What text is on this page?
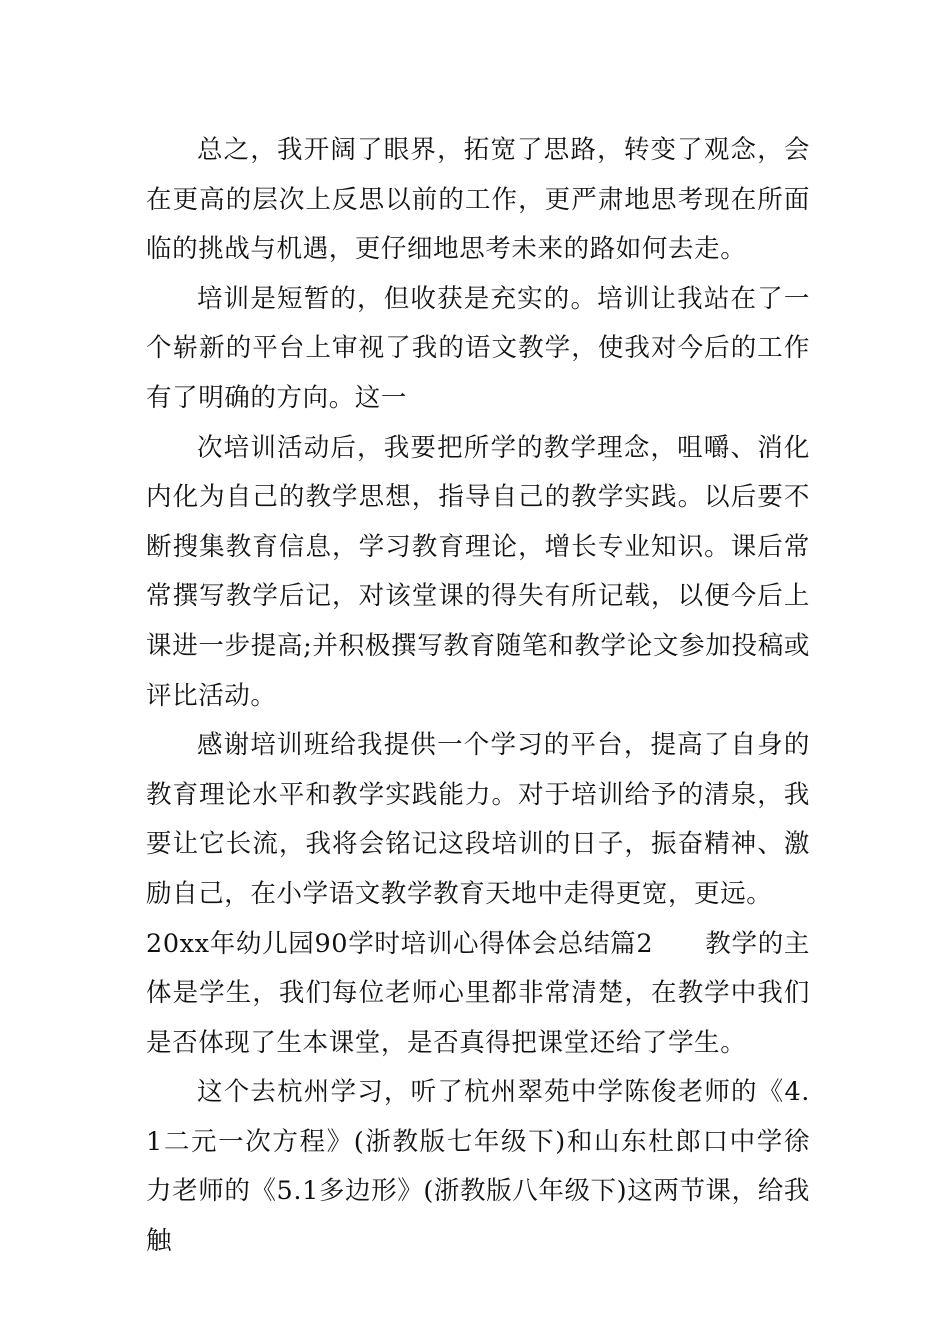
总之，我开阔了眼界，拓宽了思路，转变了观念，会在更高的层次上反思以前的工作，更严肃地思考现在所面临的挑战与机遇，更仔细地思考未来的路如何去走。

培训是短暂的，但收获是充实的。培训让我站在了一个崭新的平台上审视了我的语文教学，使我对今后的工作有了明确的方向。这一

次培训活动后，我要把所学的教学理念，咀嚼、消化内化为自己的教学思想，指导自己的教学实践。以后要不断搜集教育信息，学习教育理论，增长专业知识。课后常常撰写教学后记，对该堂课的得失有所记载，以便今后上课进一步提高;并积极撰写教育随笔和教学论文参加投稿或评比活动。

感谢培训班给我提供一个学习的平台，提高了自身的教育理论水平和教学实践能力。对于培训给予的清泉，我要让它长流，我将会铭记这段培训的日子，振奋精神、激励自己，在小学语文教学教育天地中走得更宽，更远。

20xx年幼儿园90学时培训心得体会总结篇2 教学的主体是学生，我们每位老师心里都非常清楚，在教学中我们是否体现了生本课堂，是否真得把课堂还给了学生。

这个去杭州学习，听了杭州翠苑中学陈俊老师的《4.1二元一次方程》(浙教版七年级下)和山东杜郎口中学徐力老师的《5.1多边形》(浙教版八年级下)这两节课，给我触
